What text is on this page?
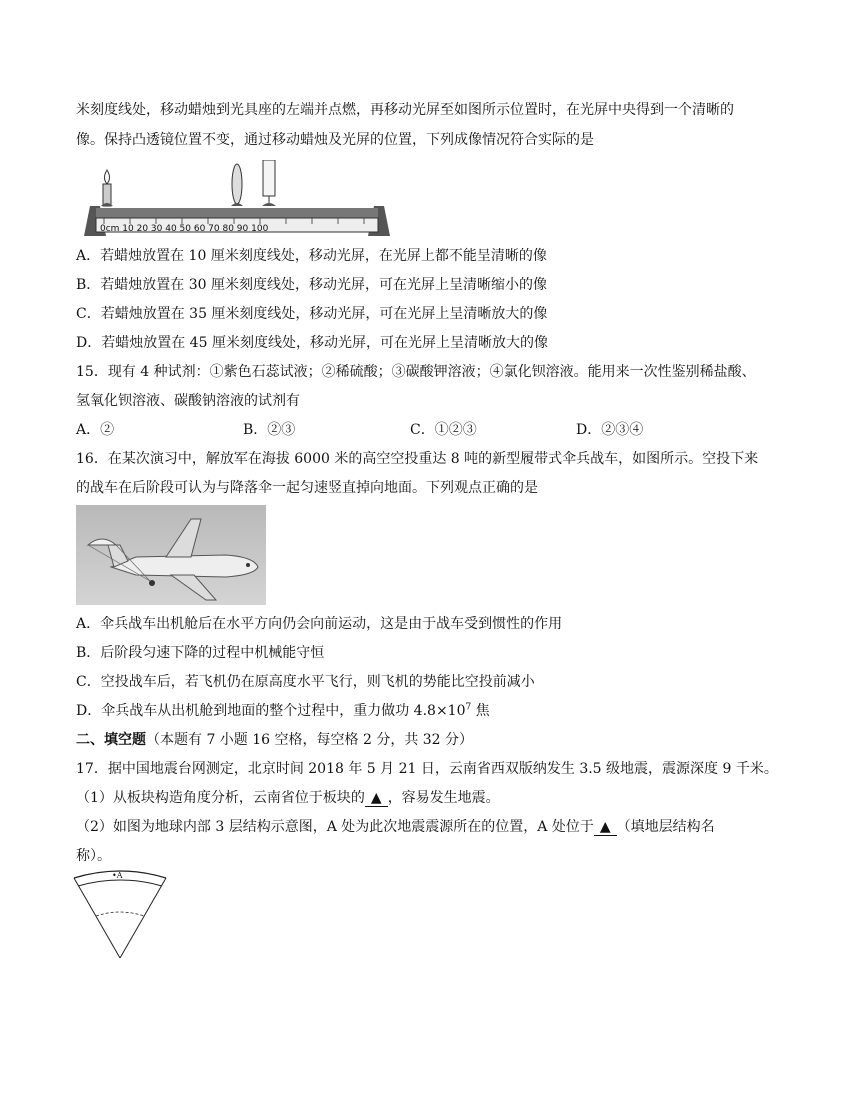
米刻度线处，移动蜡烛到光具座的左端并点燃，再移动光屏至如图所示位置时，在光屏中央得到一个清晰的
像。保持凸透镜位置不变，通过移动蜡烛及光屏的位置，下列成像情况符合实际的是
0cm 10 20 30 40 50 60 70 80 90 100
A．若蜡烛放置在 10 厘米刻度线处，移动光屏，在光屏上都不能呈清晰的像
B．若蜡烛放置在 30 厘米刻度线处，移动光屏，可在光屏上呈清晰缩小的像
C．若蜡烛放置在 35 厘米刻度线处，移动光屏，可在光屏上呈清晰放大的像
D．若蜡烛放置在 45 厘米刻度线处，移动光屏，可在光屏上呈清晰放大的像
15．现有 4 种试剂：①紫色石蕊试液；②稀硫酸；③碳酸钾溶液；④氯化钡溶液。能用来一次性鉴别稀盐酸、
氢氧化钡溶液、碳酸钠溶液的试剂有
A．②	B．②③	C．①②③	D．②③④
16．在某次演习中，解放军在海拔 6000 米的高空空投重达 8 吨的新型履带式伞兵战车，如图所示。空投下来
的战车在后阶段可认为与降落伞一起匀速竖直掉向地面。下列观点正确的是
A．伞兵战车出机舱后在水平方向仍会向前运动，这是由于战车受到惯性的作用
B．后阶段匀速下降的过程中机械能守恒
C．空投战车后，若飞机仍在原高度水平飞行，则飞机的势能比空投前减小
D．伞兵战车从出机舱到地面的整个过程中，重力做功 $4.8\times 10^7$ 焦
二、填空题（本题有 7 小题 16 空格，每空格 2 分，共 32 分）
17．据中国地震台网测定，北京时间 2018 年 5 月 21 日，云南省西双版纳发生 3.5 级地震，震源深度 9 千米。
（1）从板块构造角度分析，云南省位于板块的 ▲ ，容易发生地震。
（2）如图为地球内部 3 层结构示意图，A 处为此次地震震源所在的位置，A 处位于 ▲ （填地层结构名
称）。
•A
